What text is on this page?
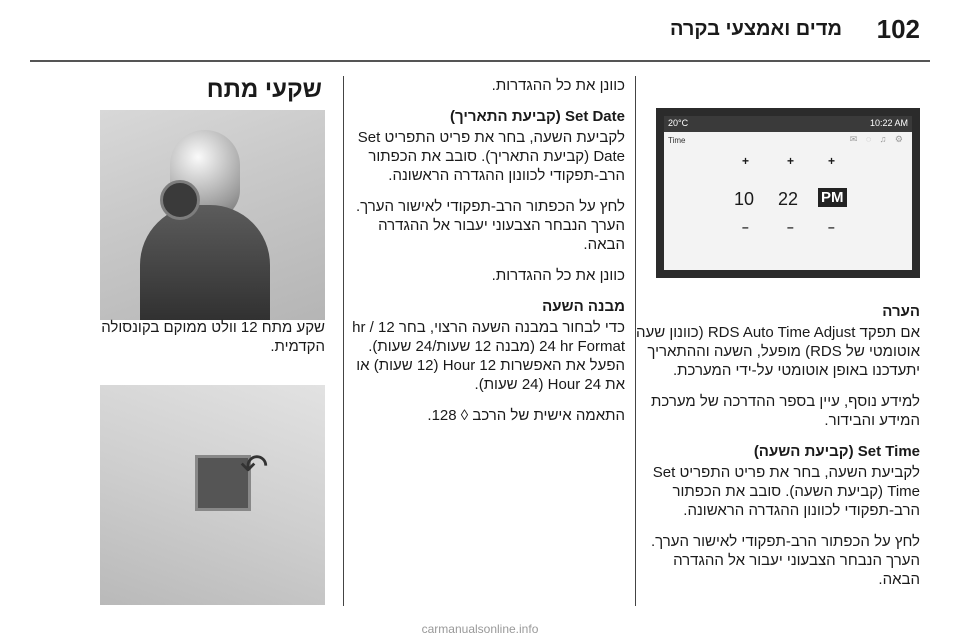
102
מדים ואמצעי בקרה
20°C	10:22 AM
Time	✉ ◌ ♫ ⚙
+	+	+
10 22 PM
–	–	–

הערה

אם תפקד RDS Auto Time Adjust (כוונון שעה אוטומטי של RDS) מופעל, השעה וההתאריך יתעדכנו באופן אוטומטי על-ידי המערכת.

למידע נוסף, עיין בספר ההדרכה של מערכת המידע והבידור.

Set Time (קביעת השעה)

לקביעת השעה, בחר את פריט התפריט Set Time (קביעת השעה). סובב את הכפתור הרב-תפקודי לכוונון ההגדרה הראשונה.

לחץ על הכפתור הרב-תפקודי לאישור הערך. הערך הנבחר הצבעוני יעבור אל ההגדרה הבאה.

כוונן את כל ההגדרות.

Set Date (קביעת התאריך)

לקביעת השעה, בחר את פריט התפריט Set Date (קביעת התאריך). סובב את הכפתור הרב-תפקודי לכוונון ההגדרה הראשונה.

לחץ על הכפתור הרב-תפקודי לאישור הערך. הערך הנבחר הצבעוני יעבור אל ההגדרה הבאה.

כוונן את כל ההגדרות.

מבנה השעה

כדי לבחור במבנה השעה הרצוי, בחר 12 hr / 24 hr Format (מבנה 12 שעות/24 שעות). הפעל את האפשרות 12 Hour (12 שעות) או את 24 Hour (24 שעות).

התאמה אישית של הרכב ◊ 128.

שקעי מתח

שקע מתח 12 וולט ממוקם בקונסולה הקדמית.

↶
carmanualsonline.info
